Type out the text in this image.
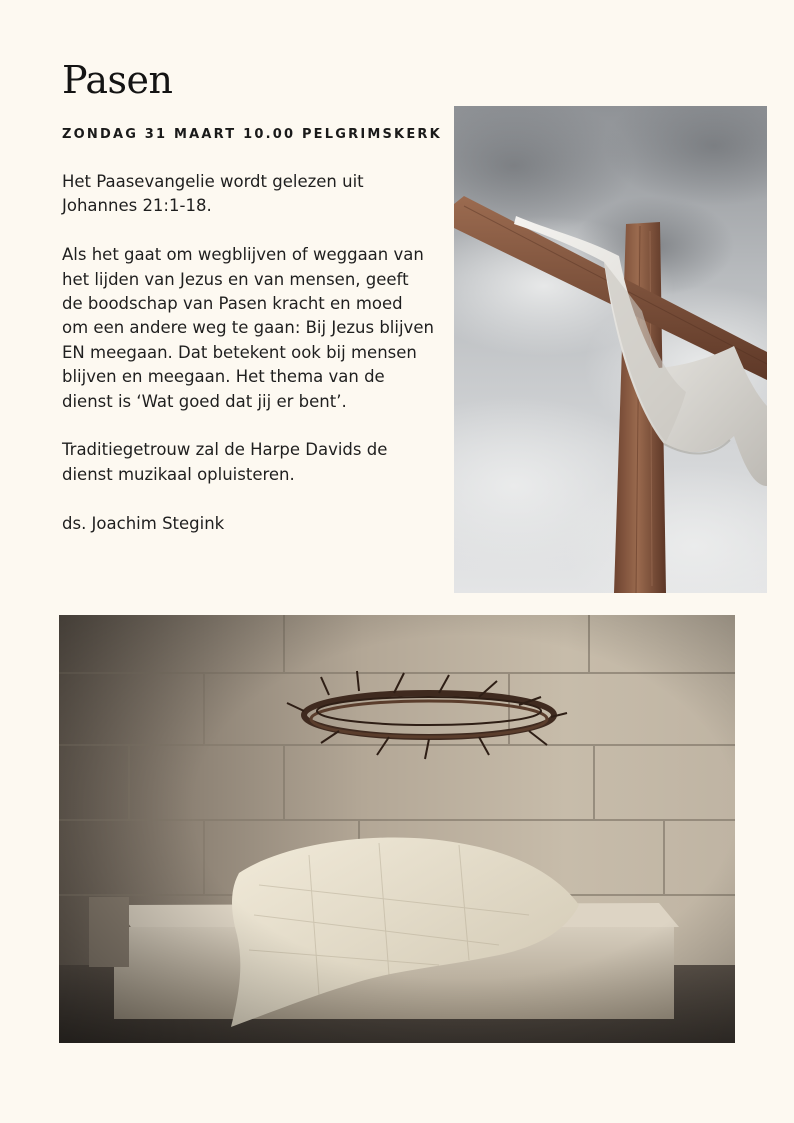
Pasen
ZONDAG 31 MAART 10.00 PELGRIMSKERK

Het Paasevangelie wordt gelezen uit Johannes 21:1-18.

Als het gaat om wegblijven of weggaan van het lijden van Jezus en van mensen, geeft de boodschap van Pasen kracht en moed om een andere weg te gaan: Bij Jezus blijven EN meegaan. Dat betekent ook bij mensen blijven en meegaan. Het thema van de dienst is ‘Wat goed dat jij er bent’.

Traditiegetrouw zal de Harpe Davids de dienst muzikaal opluisteren.

ds. Joachim Stegink
